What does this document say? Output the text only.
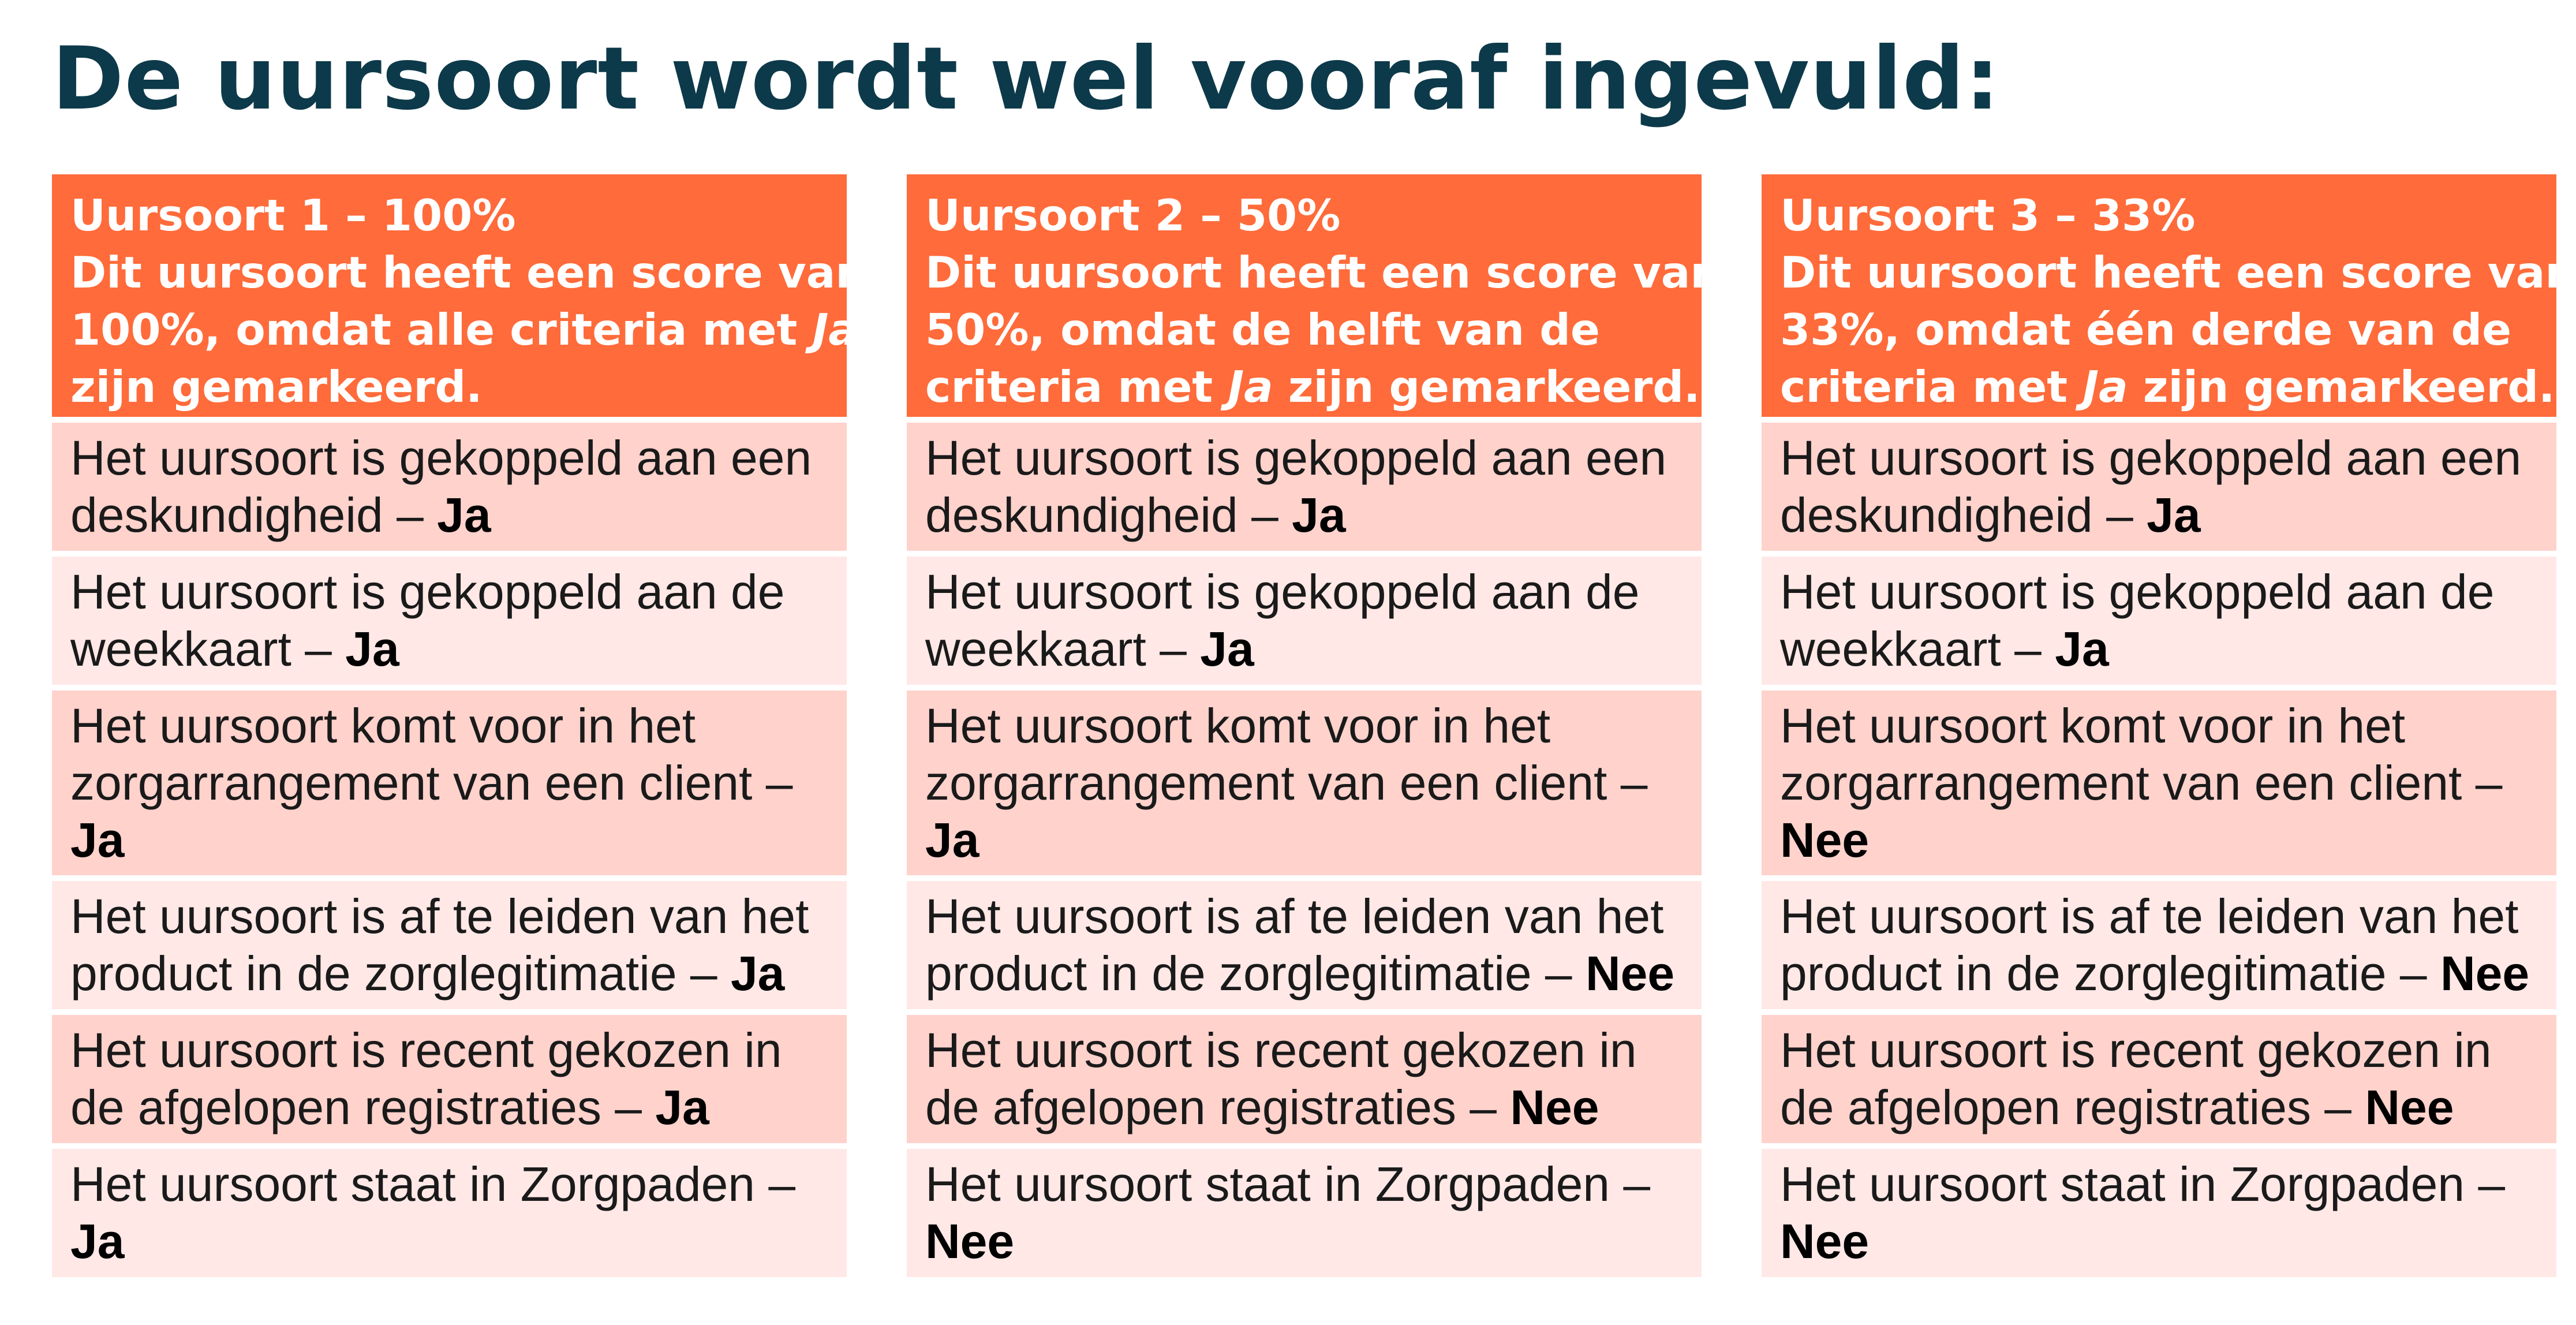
De uursoort wordt wel vooraf ingevuld:
Uursoort 1 – 100%
Dit uursoort heeft een score van
100%, omdat alle criteria met Ja
zijn gemarkeerd.
Het uursoort is gekoppeld aan een
deskundigheid – Ja
Het uursoort is gekoppeld aan de
weekkaart – Ja
Het uursoort komt voor in het
zorgarrangement van een client –
Ja
Het uursoort is af te leiden van het
product in de zorglegitimatie – Ja
Het uursoort is recent gekozen in
de afgelopen registraties – Ja
Het uursoort staat in Zorgpaden –
Ja
Uursoort 2 – 50%
Dit uursoort heeft een score van
50%, omdat de helft van de
criteria met Ja zijn gemarkeerd.
Het uursoort is gekoppeld aan een
deskundigheid – Ja
Het uursoort is gekoppeld aan de
weekkaart – Ja
Het uursoort komt voor in het
zorgarrangement van een client –
Ja
Het uursoort is af te leiden van het
product in de zorglegitimatie – Nee
Het uursoort is recent gekozen in
de afgelopen registraties – Nee
Het uursoort staat in Zorgpaden –
Nee
Uursoort 3 – 33%
Dit uursoort heeft een score van
33%, omdat één derde van de
criteria met Ja zijn gemarkeerd.
Het uursoort is gekoppeld aan een
deskundigheid – Ja
Het uursoort is gekoppeld aan de
weekkaart – Ja
Het uursoort komt voor in het
zorgarrangement van een client –
Nee
Het uursoort is af te leiden van het
product in de zorglegitimatie – Nee
Het uursoort is recent gekozen in
de afgelopen registraties – Nee
Het uursoort staat in Zorgpaden –
Nee
